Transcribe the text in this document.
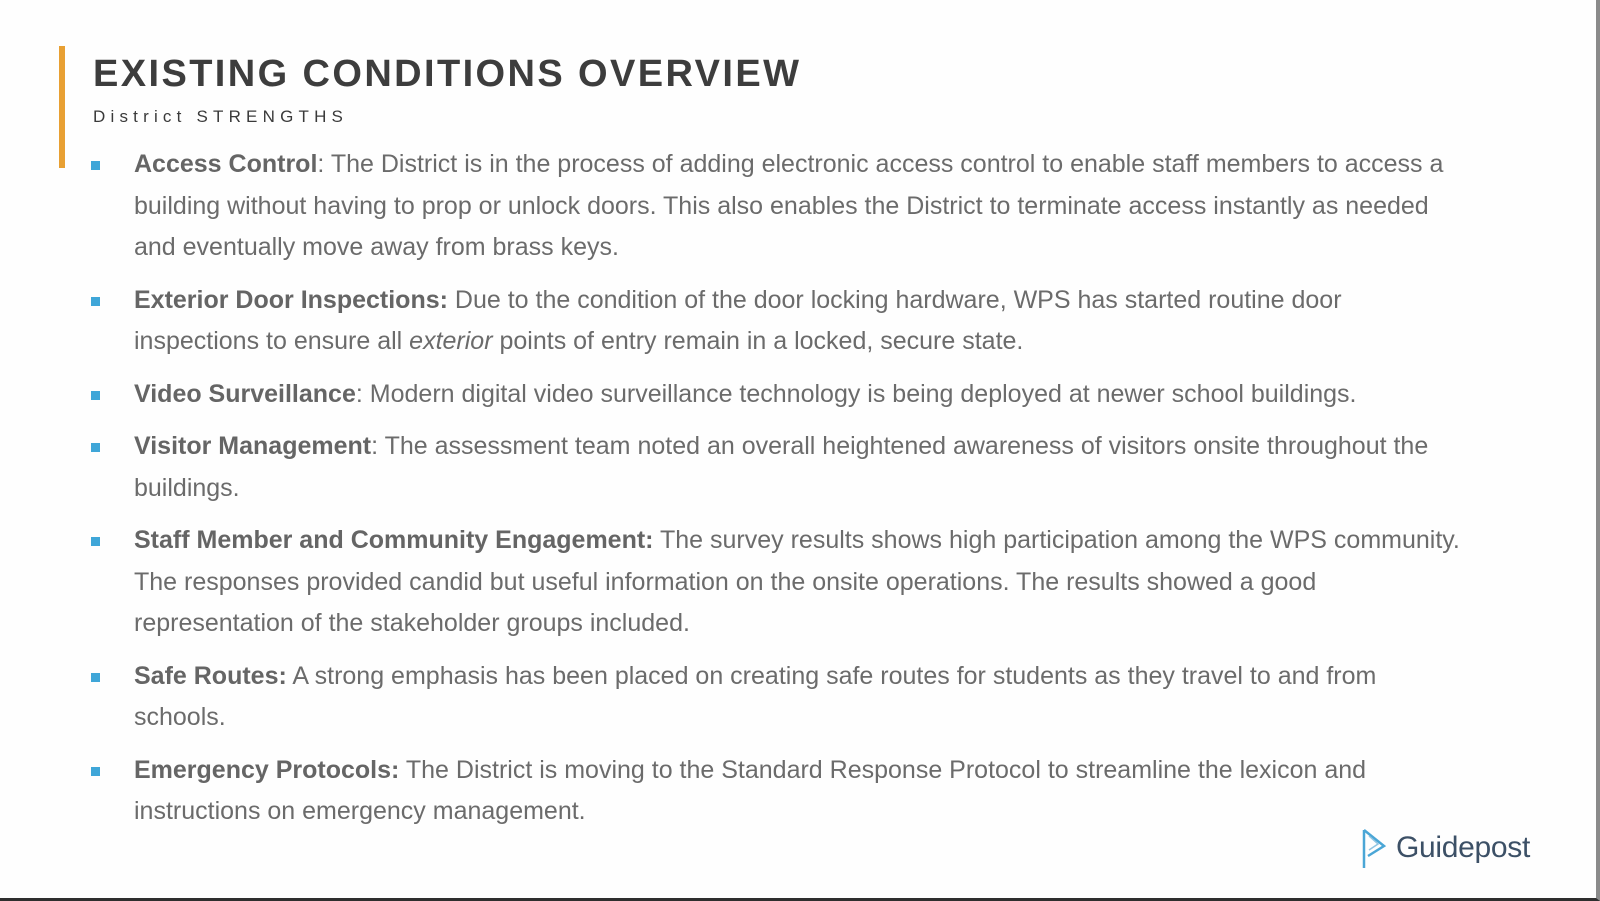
EXISTING CONDITIONS OVERVIEW
District STRENGTHS
Access Control: The District is in the process of adding electronic access control to enable staff members to access a building without having to prop or unlock doors. This also enables the District to terminate access instantly as needed and eventually move away from brass keys.
Exterior Door Inspections: Due to the condition of the door locking hardware, WPS has started routine door inspections to ensure all exterior points of entry remain in a locked, secure state.
Video Surveillance: Modern digital video surveillance technology is being deployed at newer school buildings.
Visitor Management: The assessment team noted an overall heightened awareness of visitors onsite throughout the buildings.
Staff Member and Community Engagement: The survey results shows high participation among the WPS community. The responses provided candid but useful information on the onsite operations. The results showed a good representation of the stakeholder groups included.
Safe Routes: A strong emphasis has been placed on creating safe routes for students as they travel to and from schools.
Emergency Protocols: The District is moving to the Standard Response Protocol to streamline the lexicon and instructions on emergency management.
Guidepost
